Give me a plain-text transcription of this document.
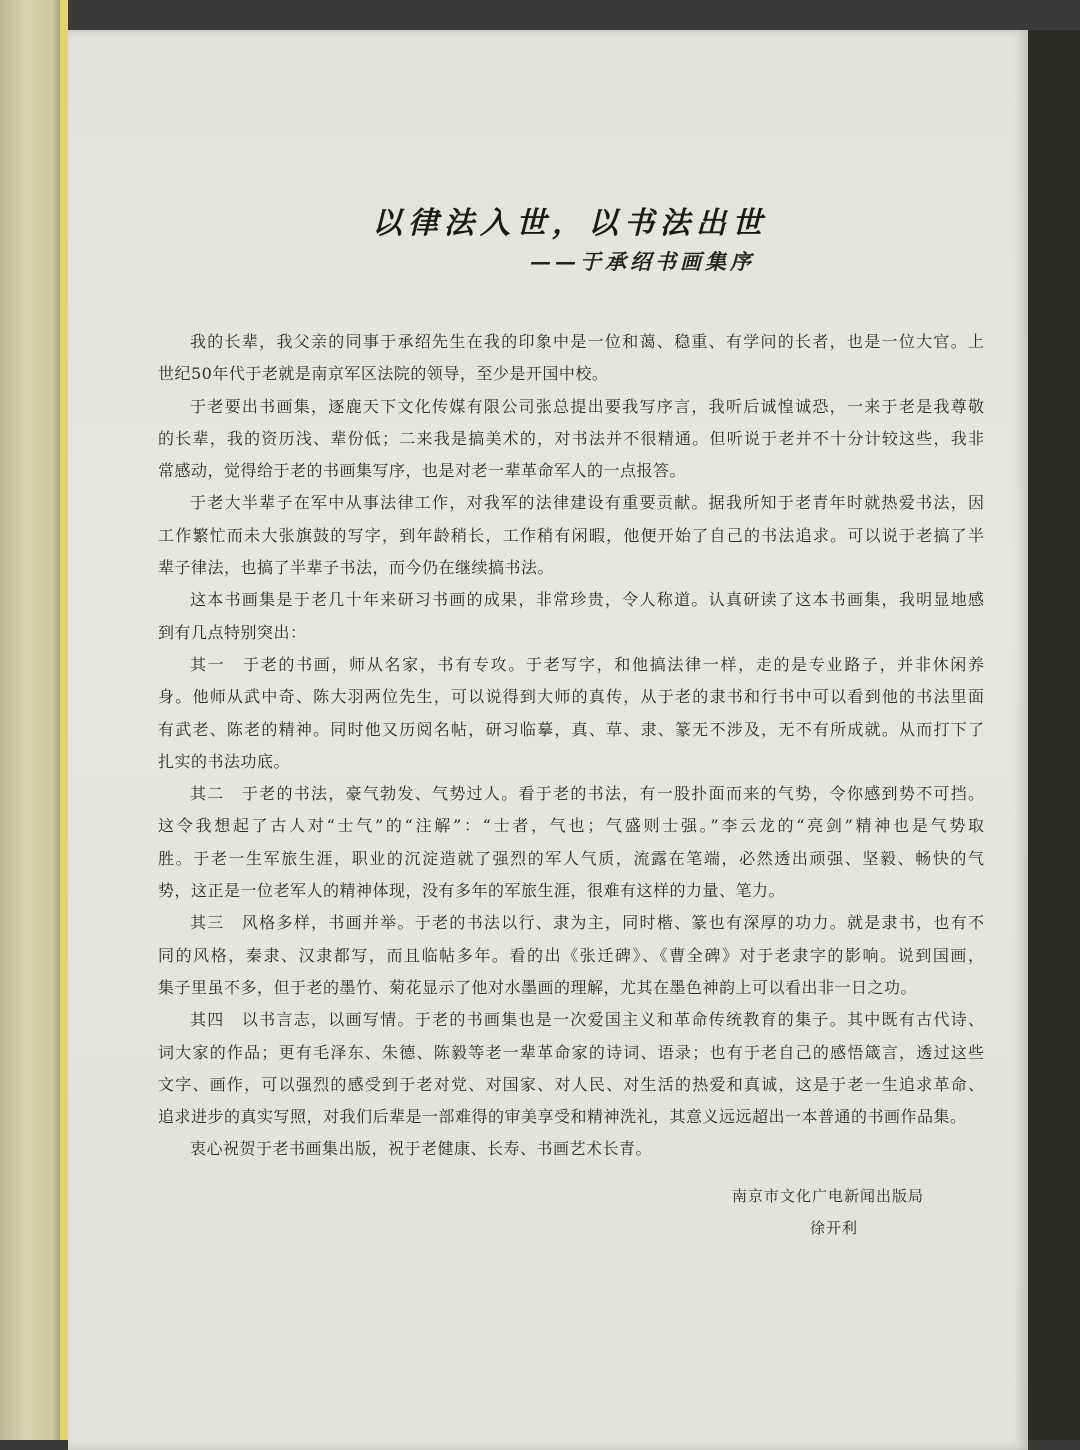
以律法入世，以书法出世
——于承绍书画集序
我的长辈，我父亲的同事于承绍先生在我的印象中是一位和蔼、稳重、有学问的长者，也是一位大官。上
世纪50年代于老就是南京军区法院的领导，至少是开国中校。
于老要出书画集，逐鹿天下文化传媒有限公司张总提出要我写序言，我听后诚惶诚恐，一来于老是我尊敬
的长辈，我的资历浅、辈份低；二来我是搞美术的，对书法并不很精通。但听说于老并不十分计较这些，我非
常感动，觉得给于老的书画集写序，也是对老一辈革命军人的一点报答。
于老大半辈子在军中从事法律工作，对我军的法律建设有重要贡献。据我所知于老青年时就热爱书法，因
工作繁忙而未大张旗鼓的写字，到年龄稍长，工作稍有闲暇，他便开始了自己的书法追求。可以说于老搞了半
辈子律法，也搞了半辈子书法，而今仍在继续搞书法。
这本书画集是于老几十年来研习书画的成果，非常珍贵，令人称道。认真研读了这本书画集，我明显地感
到有几点特别突出：
其一　于老的书画，师从名家，书有专攻。于老写字，和他搞法律一样，走的是专业路子，并非休闲养
身。他师从武中奇、陈大羽两位先生，可以说得到大师的真传，从于老的隶书和行书中可以看到他的书法里面
有武老、陈老的精神。同时他又历阅名帖，研习临摹，真、草、隶、篆无不涉及，无不有所成就。从而打下了
扎实的书法功底。
其二　于老的书法，豪气勃发、气势过人。看于老的书法，有一股扑面而来的气势，令你感到势不可挡。
这令我想起了古人对“士气”的“注解”：“士者，气也；气盛则士强。”李云龙的“亮剑”精神也是气势取
胜。于老一生军旅生涯，职业的沉淀造就了强烈的军人气质，流露在笔端，必然透出顽强、坚毅、畅快的气
势，这正是一位老军人的精神体现，没有多年的军旅生涯，很难有这样的力量、笔力。
其三　风格多样，书画并举。于老的书法以行、隶为主，同时楷、篆也有深厚的功力。就是隶书，也有不
同的风格，秦隶、汉隶都写，而且临帖多年。看的出《张迁碑》、《曹全碑》对于老隶字的影响。说到国画，
集子里虽不多，但于老的墨竹、菊花显示了他对水墨画的理解，尤其在墨色神韵上可以看出非一日之功。
其四　以书言志，以画写情。于老的书画集也是一次爱国主义和革命传统教育的集子。其中既有古代诗、
词大家的作品；更有毛泽东、朱德、陈毅等老一辈革命家的诗词、语录；也有于老自己的感悟箴言，透过这些
文字、画作，可以强烈的感受到于老对党、对国家、对人民、对生活的热爱和真诚，这是于老一生追求革命、
追求进步的真实写照，对我们后辈是一部难得的审美享受和精神洗礼，其意义远远超出一本普通的书画作品集。
衷心祝贺于老书画集出版，祝于老健康、长寿、书画艺术长青。
南京市文化广电新闻出版局
徐开利
